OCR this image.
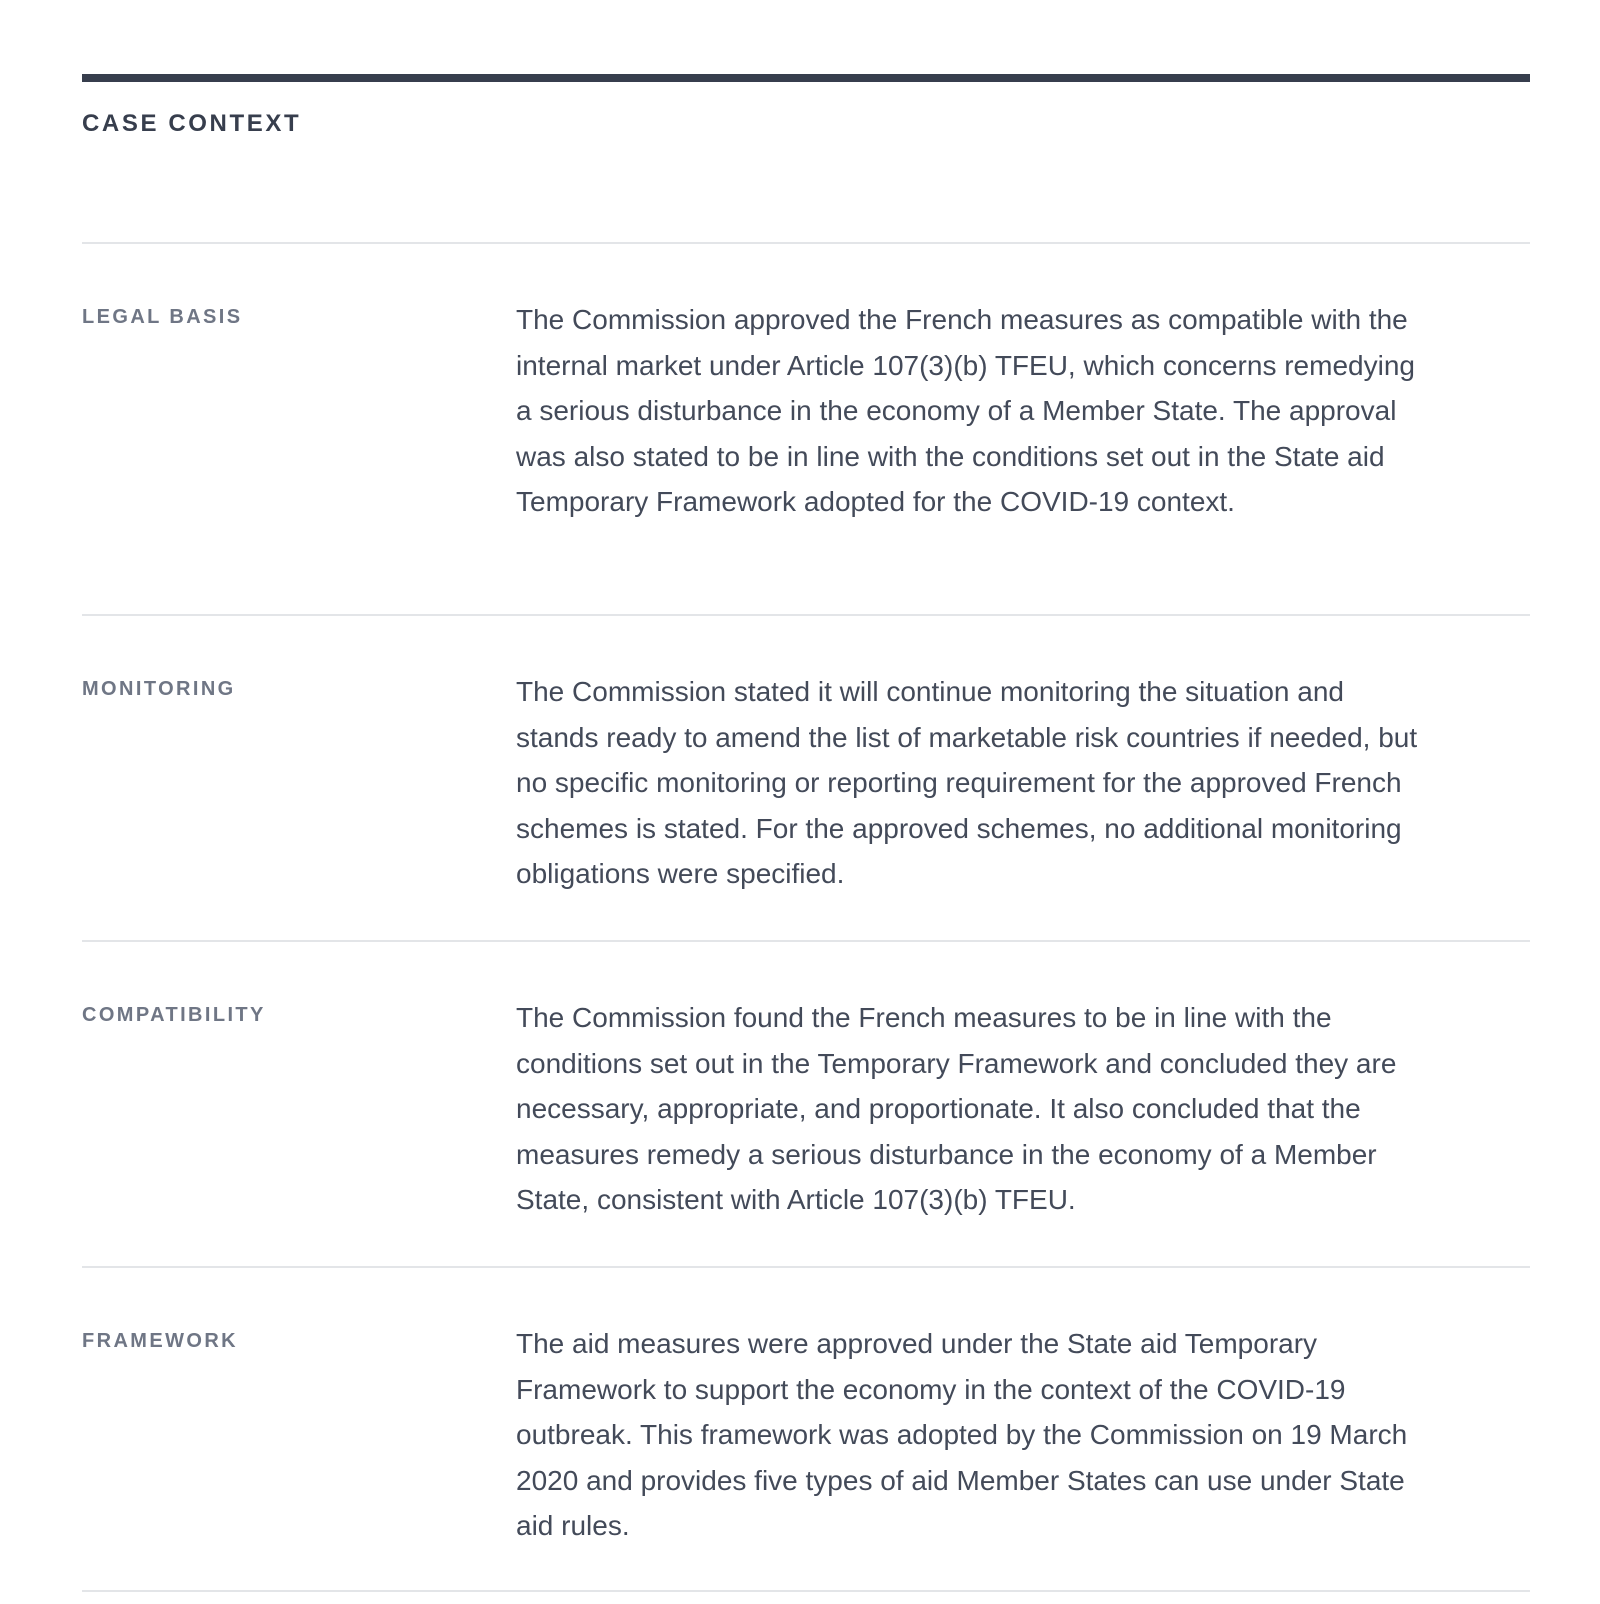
CASE CONTEXT
LEGAL BASIS	The Commission approved the French measures as compatible with the internal market under Article 107(3)(b) TFEU, which concerns remedying a serious disturbance in the economy of a Member State. The approval was also stated to be in line with the conditions set out in the State aid Temporary Framework adopted for the COVID-19 context.

MONITORING	The Commission stated it will continue monitoring the situation and stands ready to amend the list of marketable risk countries if needed, but no specific monitoring or reporting requirement for the approved French schemes is stated. For the approved schemes, no additional monitoring obligations were specified.

COMPATIBILITY	The Commission found the French measures to be in line with the conditions set out in the Temporary Framework and concluded they are necessary, appropriate, and proportionate. It also concluded that the measures remedy a serious disturbance in the economy of a Member State, consistent with Article 107(3)(b) TFEU.

FRAMEWORK	The aid measures were approved under the State aid Temporary Framework to support the economy in the context of the COVID-19 outbreak. This framework was adopted by the Commission on 19 March 2020 and provides five types of aid Member States can use under State aid rules.
